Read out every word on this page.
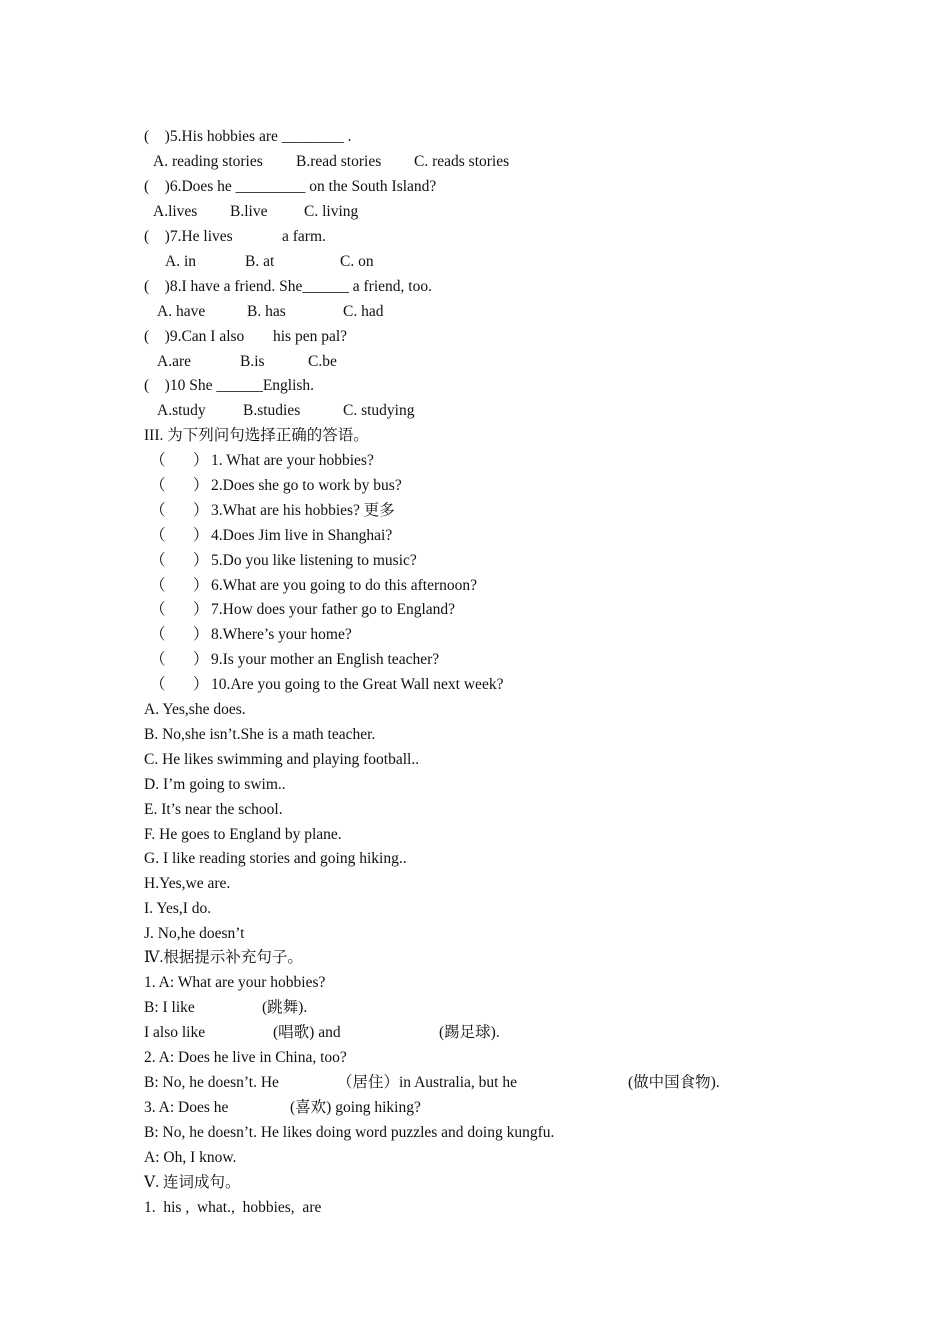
(    )5.His hobbies are ________ .
A. reading stories B.read stories C. reads stories
(    )6.Does he _________ on the South Island?
A.lives B.live C. living
(    )7.He lives	a farm.
A. in	B. at	C. on
(    )8.I have a friend. She______ a friend, too.
A. have	B. has	C. had
(    )9.Can I also his pen pal?
A.are	B.is	C.be
(    )10 She ______English.
A.study B.studies	C. studying
III. 为下列问句选择正确的答语。
（ ） 1. What are your hobbies?
（ ） 2.Does she go to work by bus?
（ ） 3.What are his hobbies? 更多
（ ） 4.Does Jim live in Shanghai?
（ ） 5.Do you like listening to music?
（ ） 6.What are you going to do this afternoon?
（ ） 7.How does your father go to England?
（ ） 8.Where’s your home?
（ ） 9.Is your mother an English teacher?
（ ） 10.Are you going to the Great Wall next week?
A. Yes,she does.
B. No,she isn’t.She is a math teacher.
C. He likes swimming and playing football..
D. I’m going to swim..
E. It’s near the school.
F. He goes to England by plane.
G. I like reading stories and going hiking..
H.Yes,we are.
I. Yes,I do.
J. No,he doesn’t
Ⅳ.根据提示补充句子。
1. A: What are your hobbies?
B: I like	(跳舞).
I also like	(唱歌) and	(踢足球).
2. A: Does he live in China, too?
B: No, he doesn’t. He	（居住）in Australia, but he	(做中国食物).
3. A: Does he	(喜欢) going hiking?
B: No, he doesn’t. He likes doing word puzzles and doing kungfu.
A: Oh, I know.
Ⅴ. 连词成句。
1.  his ,  what.,  hobbies,  are
